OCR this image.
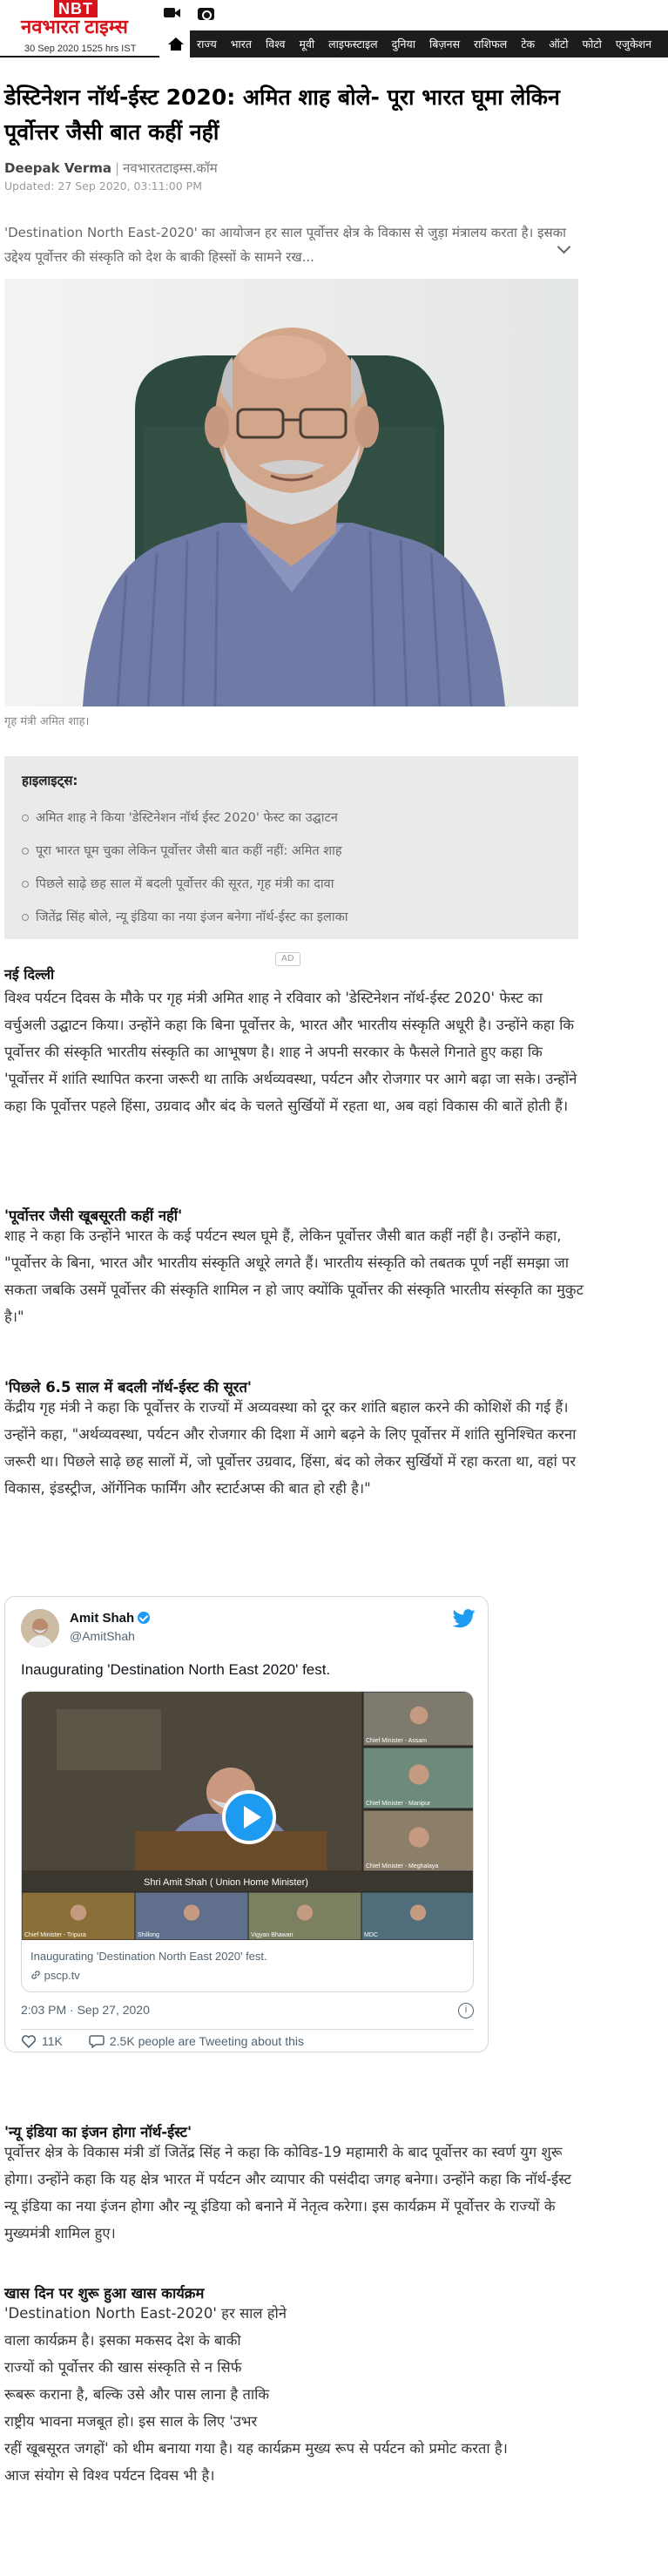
NBT
नवभारत टाइम्स
30 Sep 2020 1525 hrs IST
	राज्य	भारत	विश्व	मूवी	लाइफस्टाइल	दुनिया	बिज़नस	राशिफल	टेक	ऑटो	फोटो	एजुकेशन
डेस्टिनेशन नॉर्थ-ईस्ट 2020: अमित शाह बोले- पूरा भारत घूमा लेकिन पूर्वोत्तर जैसी बात कहीं नहीं
Deepak Verma | नवभारतटाइम्स.कॉम
Updated: 27 Sep 2020, 03:11:00 PM

'Destination North East-2020' का आयोजन हर साल पूर्वोत्तर क्षेत्र के विकास से जुड़ा मंत्रालय करता है। इसका उद्देश्य पूर्वोत्तर की संस्कृति को देश के बाकी हिस्सों के सामने रख...

गृह मंत्री अमित शाह।
हाइलाइट्स:
अमित शाह ने किया 'डेस्टिनेशन नॉर्थ ईस्ट 2020' फेस्ट का उद्घाटन
पूरा भारत घूम चुका लेकिन पूर्वोत्तर जैसी बात कहीं नहीं: अमित शाह
पिछले साढ़े छह साल में बदली पूर्वोत्तर की सूरत, गृह मंत्री का दावा
जितेंद्र सिंह बोले, न्यू इंडिया का नया इंजन बनेगा नॉर्थ-ईस्ट का इलाका
AD
नई दिल्ली

विश्व पर्यटन दिवस के मौके पर गृह मंत्री अमित शाह ने रविवार को 'डेस्टिनेशन नॉर्थ-ईस्ट 2020' फेस्ट का वर्चुअली उद्घाटन किया। उन्होंने कहा कि बिना पूर्वोत्तर के, भारत और भारतीय संस्कृति अधूरी है। उन्होंने कहा कि पूर्वोत्तर की संस्कृति भारतीय संस्कृति का आभूषण है। शाह ने अपनी सरकार के फैसले गिनाते हुए कहा कि 'पूर्वोत्तर में शांति स्थापित करना जरूरी था ताकि अर्थव्यवस्था, पर्यटन और रोजगार पर आगे बढ़ा जा सके। उन्होंने कहा कि पूर्वोत्तर पहले हिंसा, उग्रवाद और बंद के चलते सुर्खियों में रहता था, अब वहां विकास की बातें होती हैं।

'पूर्वोत्तर जैसी खूबसूरती कहीं नहीं'

शाह ने कहा कि उन्होंने भारत के कई पर्यटन स्थल घूमे हैं, लेकिन पूर्वोत्तर जैसी बात कहीं नहीं है। उन्होंने कहा, "पूर्वोत्तर के बिना, भारत और भारतीय संस्कृति अधूरे लगते हैं। भारतीय संस्कृति को तबतक पूर्ण नहीं समझा जा सकता जबकि उसमें पूर्वोत्तर की संस्कृति शामिल न हो जाए क्योंकि पूर्वोत्तर की संस्कृति भारतीय संस्कृति का मुकुट है।"

'पिछले 6.5 साल में बदली नॉर्थ-ईस्ट की सूरत'

केंद्रीय गृह मंत्री ने कहा कि पूर्वोत्तर के राज्यों में अव्यवस्था को दूर कर शांति बहाल करने की कोशिशें की गई हैं। उन्होंने कहा, "अर्थव्यवस्था, पर्यटन और रोजगार की दिशा में आगे बढ़ने के लिए पूर्वोत्तर में शांति सुनिश्चित करना जरूरी था। पिछले साढ़े छह सालों में, जो पूर्वोत्तर उग्रवाद, हिंसा, बंद को लेकर सुर्खियों में रहा करता था, वहां पर विकास, इंडस्ट्रीज, ऑर्गेनिक फार्मिंग और स्टार्टअप्स की बात हो रही है।"

Amit Shah
@AmitShah
Inaugurating 'Destination North East 2020' fest.
Shri Amit Shah ( Union Home Minister)
Chief Minister - Assam
Chief Minister - Manipur
Chief Minister - Meghalaya
Chief Minister - Tripura	Shillong	Vigyan Bhawan	MDC
Inaugurating 'Destination North East 2020' fest.
pscp.tv
2:03 PM · Sep 27, 2020	i
11K	2.5K people are Tweeting about this
'न्यू इंडिया का इंजन होगा नॉर्थ-ईस्ट'

पूर्वोत्तर क्षेत्र के विकास मंत्री डॉ जितेंद्र सिंह ने कहा कि कोविड-19 महामारी के बाद पूर्वोत्तर का स्वर्ण युग शुरू होगा। उन्होंने कहा कि यह क्षेत्र भारत में पर्यटन और व्यापार की पसंदीदा जगह बनेगा। उन्होंने कहा कि नॉर्थ-ईस्ट न्यू इंडिया का नया इंजन होगा और न्यू इंडिया को बनाने में नेतृत्व करेगा। इस कार्यक्रम में पूर्वोत्तर के राज्यों के मुख्यमंत्री शामिल हुए।

खास दिन पर शुरू हुआ खास कार्यक्रम
'Destination North East-2020' हर साल होने
वाला कार्यक्रम है। इसका मकसद देश के बाकी
राज्यों को पूर्वोत्तर की खास संस्कृति से न सिर्फ
रूबरू कराना है, बल्कि उसे और पास लाना है ताकि
राष्ट्रीय भावना मजबूत हो। इस साल के लिए 'उभर
रहीं खूबसूरत जगहों' को थीम बनाया गया है। यह कार्यक्रम मुख्य रूप से पर्यटन को प्रमोट करता है।
आज संयोग से विश्व पर्यटन दिवस भी है।
